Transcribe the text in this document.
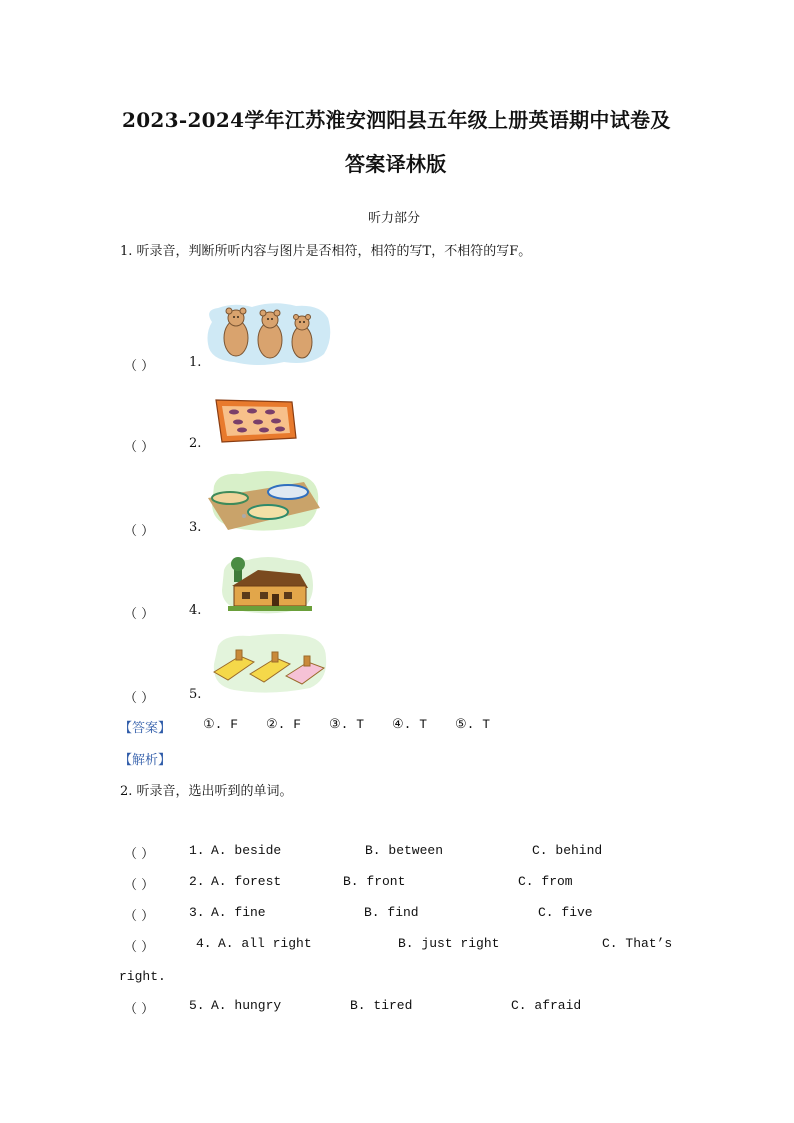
2023-2024学年江苏淮安泗阳县五年级上册英语期中试卷及
答案译林版
听力部分
1. 听录音，判断所听内容与图片是否相符，相符的写T，不相符的写F。
（ ）	1.
（ ）	2.
（ ）	3.
（ ）	4.
（ ）	5.
【答案】 ①. F ②. F ③. T ④. T ⑤. T
【解析】
2. 听录音，选出听到的单词。
（ ）	1. A. beside	B. between	C. behind
（ ）	2. A. forest	B. front	C. from
（ ）	3. A. fine	B. find	C. five
（ ）	4. A. all right	B. just right	C. That’s
right.
（ ）	5. A. hungry	B. tired	C. afraid
